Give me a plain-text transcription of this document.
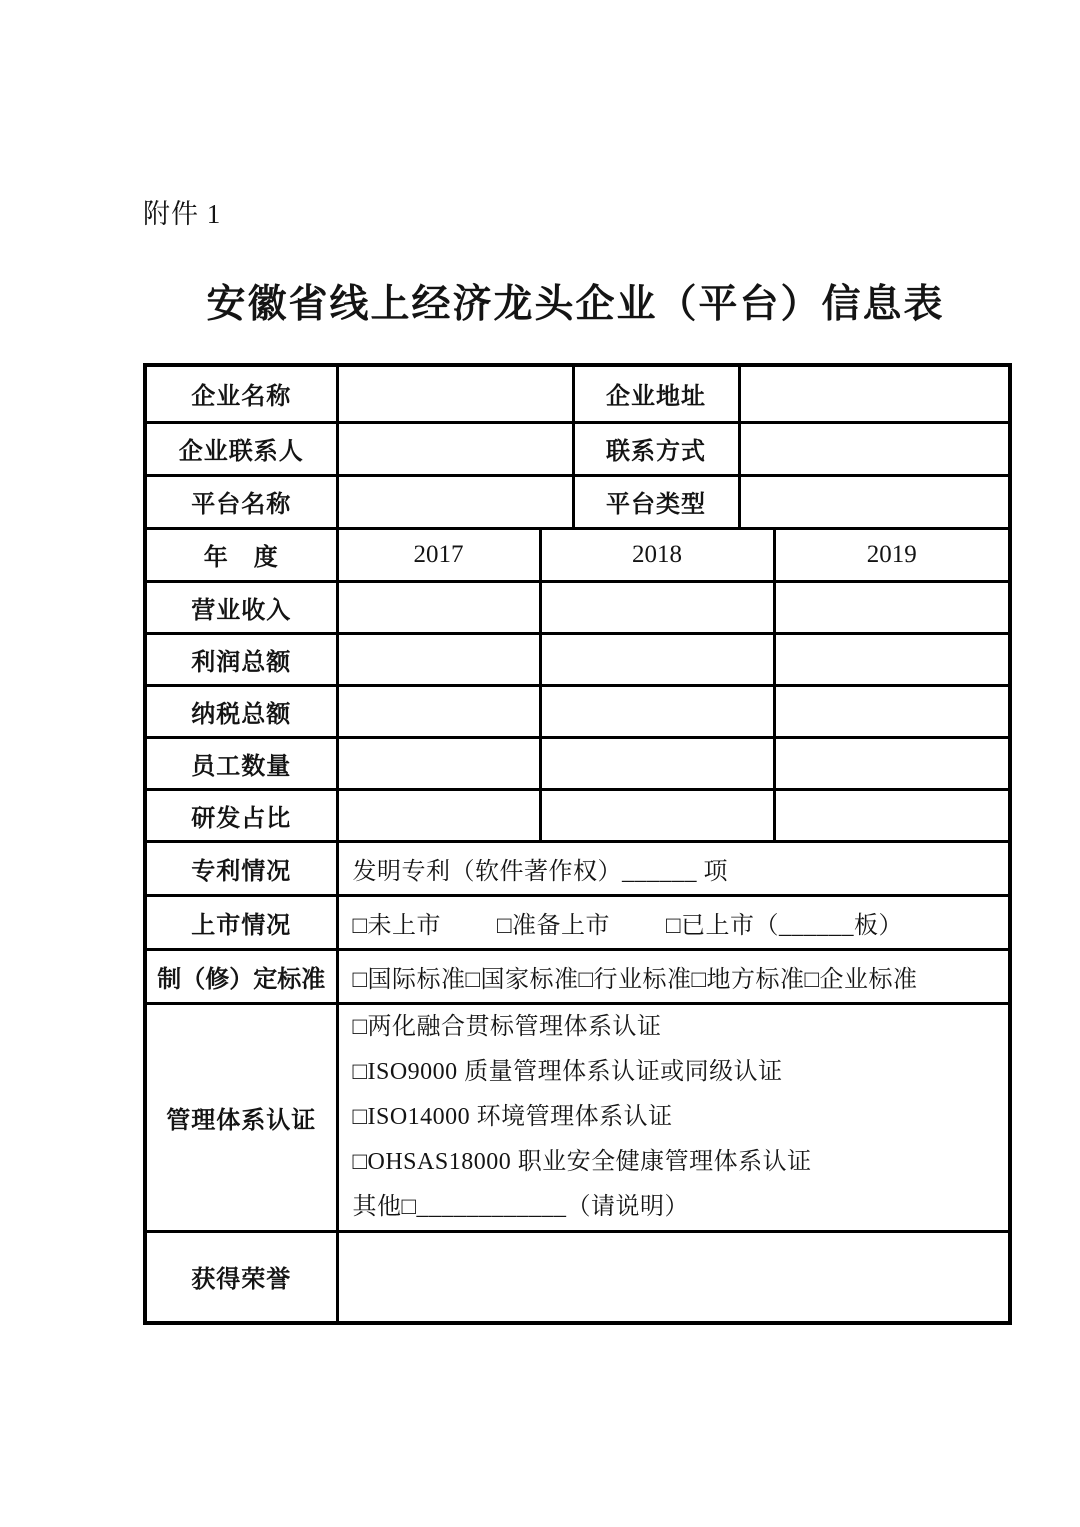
附件 1
安徽省线上经济龙头企业（平台）信息表
企业名称			企业地址		
企业联系人			联系方式		
平台名称			平台类型		
年　度	2017	2018			2019
营业收入					
利润总额					
纳税总额					
员工数量					
研发占比					
专利情况	发明专利（软件著作权）______ 项				
上市情况	□未上市 □准备上市 □已上市（______板）				

制（修）定标准	□国际标准□国家标准□行业标准□地方标准□企业标准				
管理体系认证	□两化融合贯标管理体系认证
□ISO9000 质量管理体系认证或同级认证
□ISO14000 环境管理体系认证
□OHSAS18000 职业安全健康管理体系认证
其他□____________（请说明）				

获得荣誉					
